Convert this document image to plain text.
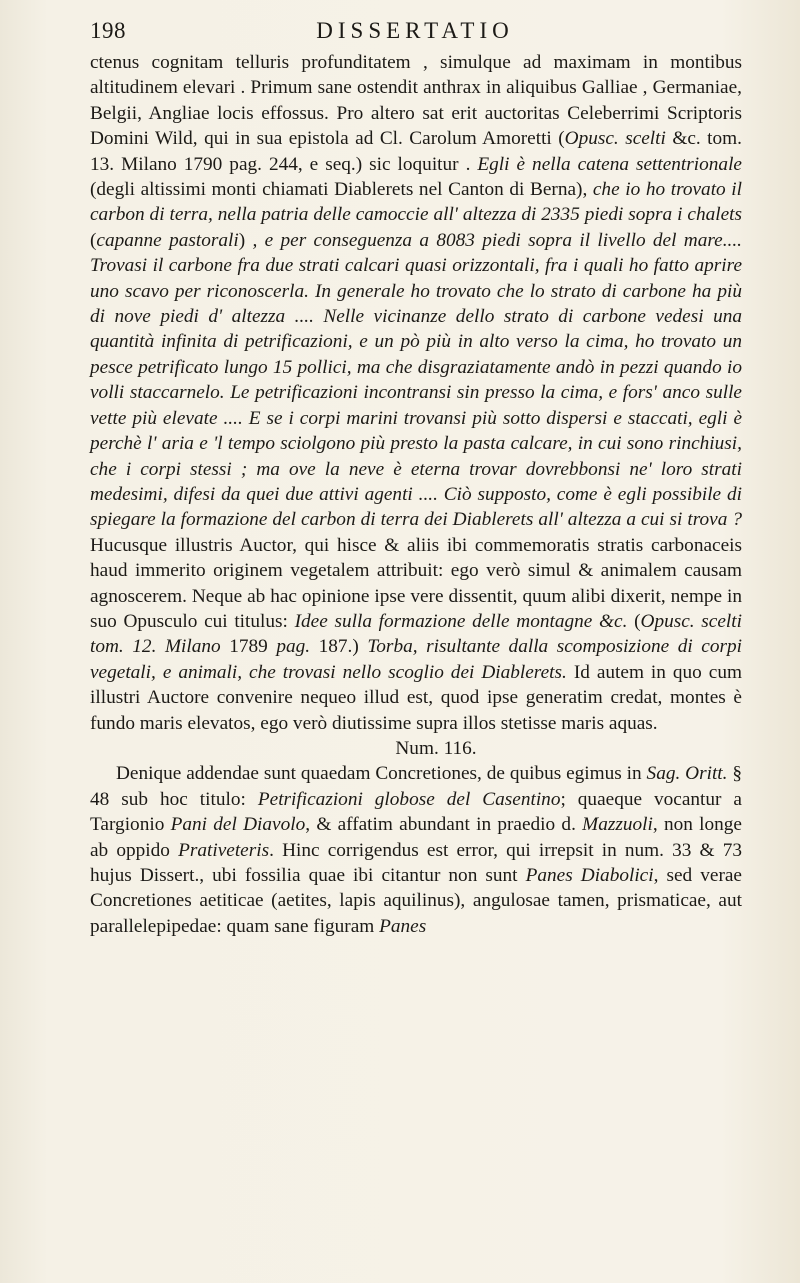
198	DISSERTATIO

ctenus cognitam telluris profunditatem , simulque ad maximam in montibus altitudinem elevari . Primum sane ostendit anthrax in aliquibus Galliae , Germaniae, Belgii, Angliae locis effossus. Pro altero sat erit auctoritas Celeberrimi Scriptoris Domini Wild, qui in sua epistola ad Cl. Carolum Amoretti (Opusc. scelti &c. tom. 13. Milano 1790 pag. 244, e seq.) sic loquitur . Egli è nella catena settentrionale (degli altissimi monti chiamati Diablerets nel Canton di Berna), che io ho trovato il carbon di terra, nella patria delle camoccie all' altezza di 2335 piedi sopra i chalets (capanne pastorali) , e per conseguenza a 8083 piedi sopra il livello del mare.... Trovasi il carbone fra due strati calcari quasi orizzontali, fra i quali ho fatto aprire uno scavo per riconoscerla. In generale ho trovato che lo strato di carbone ha più di nove piedi d' altezza .... Nelle vicinanze dello strato di carbone vedesi una quantità infinita di petrificazioni, e un pò più in alto verso la cima, ho trovato un pesce petrificato lungo 15 pollici, ma che disgraziatamente andò in pezzi quando io volli staccarnelo. Le petrificazioni incontransi sin presso la cima, e fors' anco sulle vette più elevate .... E se i corpi marini trovansi più sotto dispersi e staccati, egli è perchè l' aria e 'l tempo sciolgono più presto la pasta calcare, in cui sono rinchiusi, che i corpi stessi ; ma ove la neve è eterna trovar dovrebbonsi ne' loro strati medesimi, difesi da quei due attivi agenti .... Ciò supposto, come è egli possibile di spiegare la formazione del carbon di terra dei Diablerets all' altezza a cui si trova ? Hucusque illustris Auctor, qui hisce & aliis ibi commemoratis stratis carbonaceis haud immerito originem vegetalem attribuit: ego verò simul & animalem causam agnoscerem. Neque ab hac opinione ipse vere dissentit, quum alibi dixerit, nempe in suo Opusculo cui titulus: Idee sulla formazione delle montagne &c. (Opusc. scelti tom. 12. Milano 1789 pag. 187.) Torba, risultante dalla scomposizione di corpi vegetali, e animali, che trovasi nello scoglio dei Diablerets. Id autem in quo cum illustri Auctore convenire nequeo illud est, quod ipse generatim credat, montes è fundo maris elevatos, ego verò diutissime supra illos stetisse maris aquas.

Num. 116.

Denique addendae sunt quaedam Concretiones, de quibus egimus in Sag. Oritt. § 48 sub hoc titulo: Petrificazioni globose del Casentino; quaeque vocantur a Targionio Pani del Diavolo, & affatim abundant in praedio d. Mazzuoli, non longe ab oppido Prativeteris. Hinc corrigendus est error, qui irrepsit in num. 33 & 73 hujus Dissert., ubi fossilia quae ibi citantur non sunt Panes Diabolici, sed verae Concretiones aetiticae (aetites, lapis aquilinus), angulosae tamen, prismaticae, aut parallelepipedae: quam sane figuram Panes
